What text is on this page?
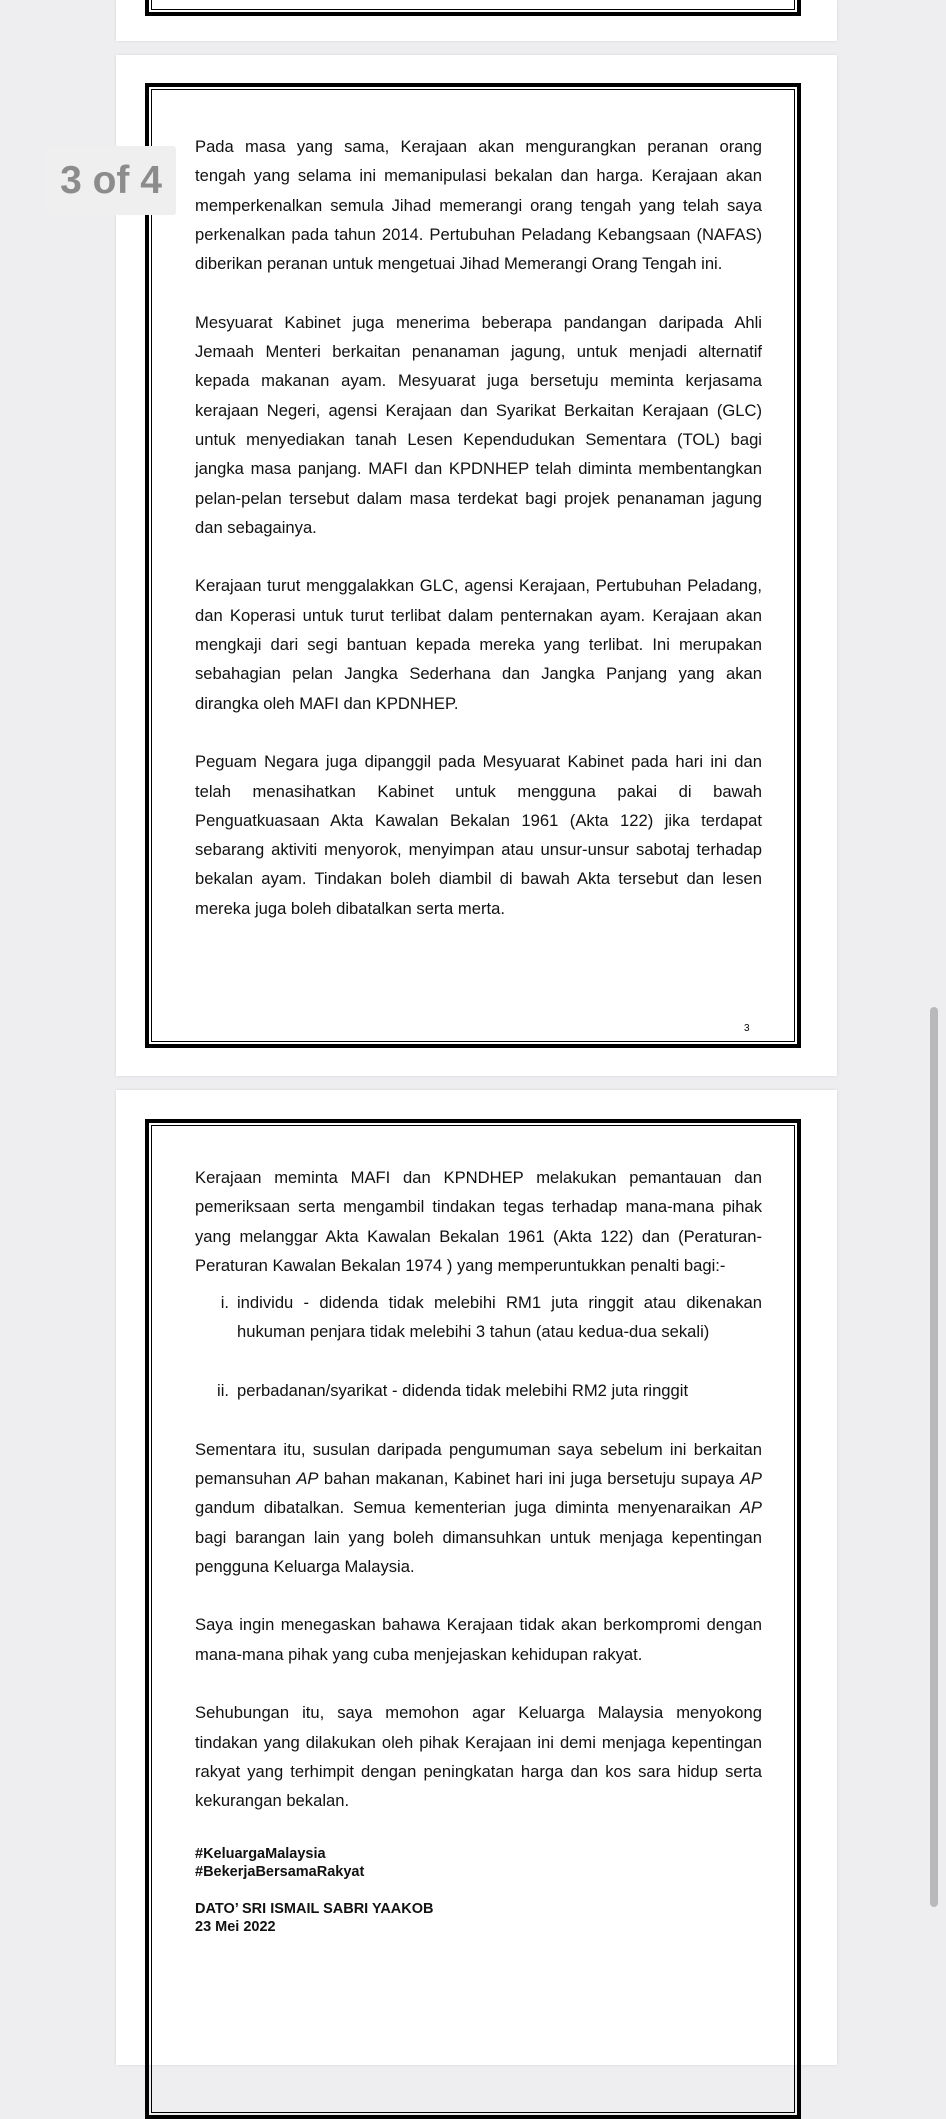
Pada masa yang sama, Kerajaan akan mengurangkan peranan orang tengah yang selama ini memanipulasi bekalan dan harga. Kerajaan akan memperkenalkan semula Jihad memerangi orang tengah yang telah saya perkenalkan pada tahun 2014. Pertubuhan Peladang Kebangsaan (NAFAS) diberikan peranan untuk mengetuai Jihad Memerangi Orang Tengah ini.

Mesyuarat Kabinet juga menerima beberapa pandangan daripada Ahli Jemaah Menteri berkaitan penanaman jagung, untuk menjadi alternatif kepada makanan ayam. Mesyuarat juga bersetuju meminta kerjasama kerajaan Negeri, agensi Kerajaan dan Syarikat Berkaitan Kerajaan (GLC) untuk menyediakan tanah Lesen Kependudukan Sementara (TOL) bagi jangka masa panjang. MAFI dan KPDNHEP telah diminta membentangkan pelan-pelan tersebut dalam masa terdekat bagi projek penanaman jagung dan sebagainya.

Kerajaan turut menggalakkan GLC, agensi Kerajaan, Pertubuhan Peladang, dan Koperasi untuk turut terlibat dalam penternakan ayam. Kerajaan akan mengkaji dari segi bantuan kepada mereka yang terlibat. Ini merupakan sebahagian pelan Jangka Sederhana dan Jangka Panjang yang akan dirangka oleh MAFI dan KPDNHEP.

Peguam Negara juga dipanggil pada Mesyuarat Kabinet pada hari ini dan telah menasihatkan Kabinet untuk mengguna pakai di bawah Penguatkuasaan Akta Kawalan Bekalan 1961 (Akta 122) jika terdapat sebarang aktiviti menyorok, menyimpan atau unsur-unsur sabotaj terhadap bekalan ayam. Tindakan boleh diambil di bawah Akta tersebut dan lesen mereka juga boleh dibatalkan serta merta.

3

Kerajaan meminta MAFI dan KPNDHEP melakukan pemantauan dan pemeriksaan serta mengambil tindakan tegas terhadap mana-mana pihak yang melanggar Akta Kawalan Bekalan 1961 (Akta 122) dan (Peraturan-Peraturan Kawalan Bekalan 1974 ) yang memperuntukkan penalti bagi:-

i. individu - didenda tidak melebihi RM1 juta ringgit atau dikenakan hukuman penjara tidak melebihi 3 tahun (atau kedua-dua sekali)
ii. perbadanan/syarikat - didenda tidak melebihi RM2 juta ringgit

Sementara itu, susulan daripada pengumuman saya sebelum ini berkaitan pemansuhan AP bahan makanan, Kabinet hari ini juga bersetuju supaya AP gandum dibatalkan. Semua kementerian juga diminta menyenaraikan AP bagi barangan lain yang boleh dimansuhkan untuk menjaga kepentingan pengguna Keluarga Malaysia.

Saya ingin menegaskan bahawa Kerajaan tidak akan berkompromi dengan mana-mana pihak yang cuba menjejaskan kehidupan rakyat.

Sehubungan itu, saya memohon agar Keluarga Malaysia menyokong tindakan yang dilakukan oleh pihak Kerajaan ini demi menjaga kepentingan rakyat yang terhimpit dengan peningkatan harga dan kos sara hidup serta kekurangan bekalan.

#KeluargaMalaysia
#BekerjaBersamaRakyat
DATO’ SRI ISMAIL SABRI YAAKOB
23 Mei 2022
3 of 4
